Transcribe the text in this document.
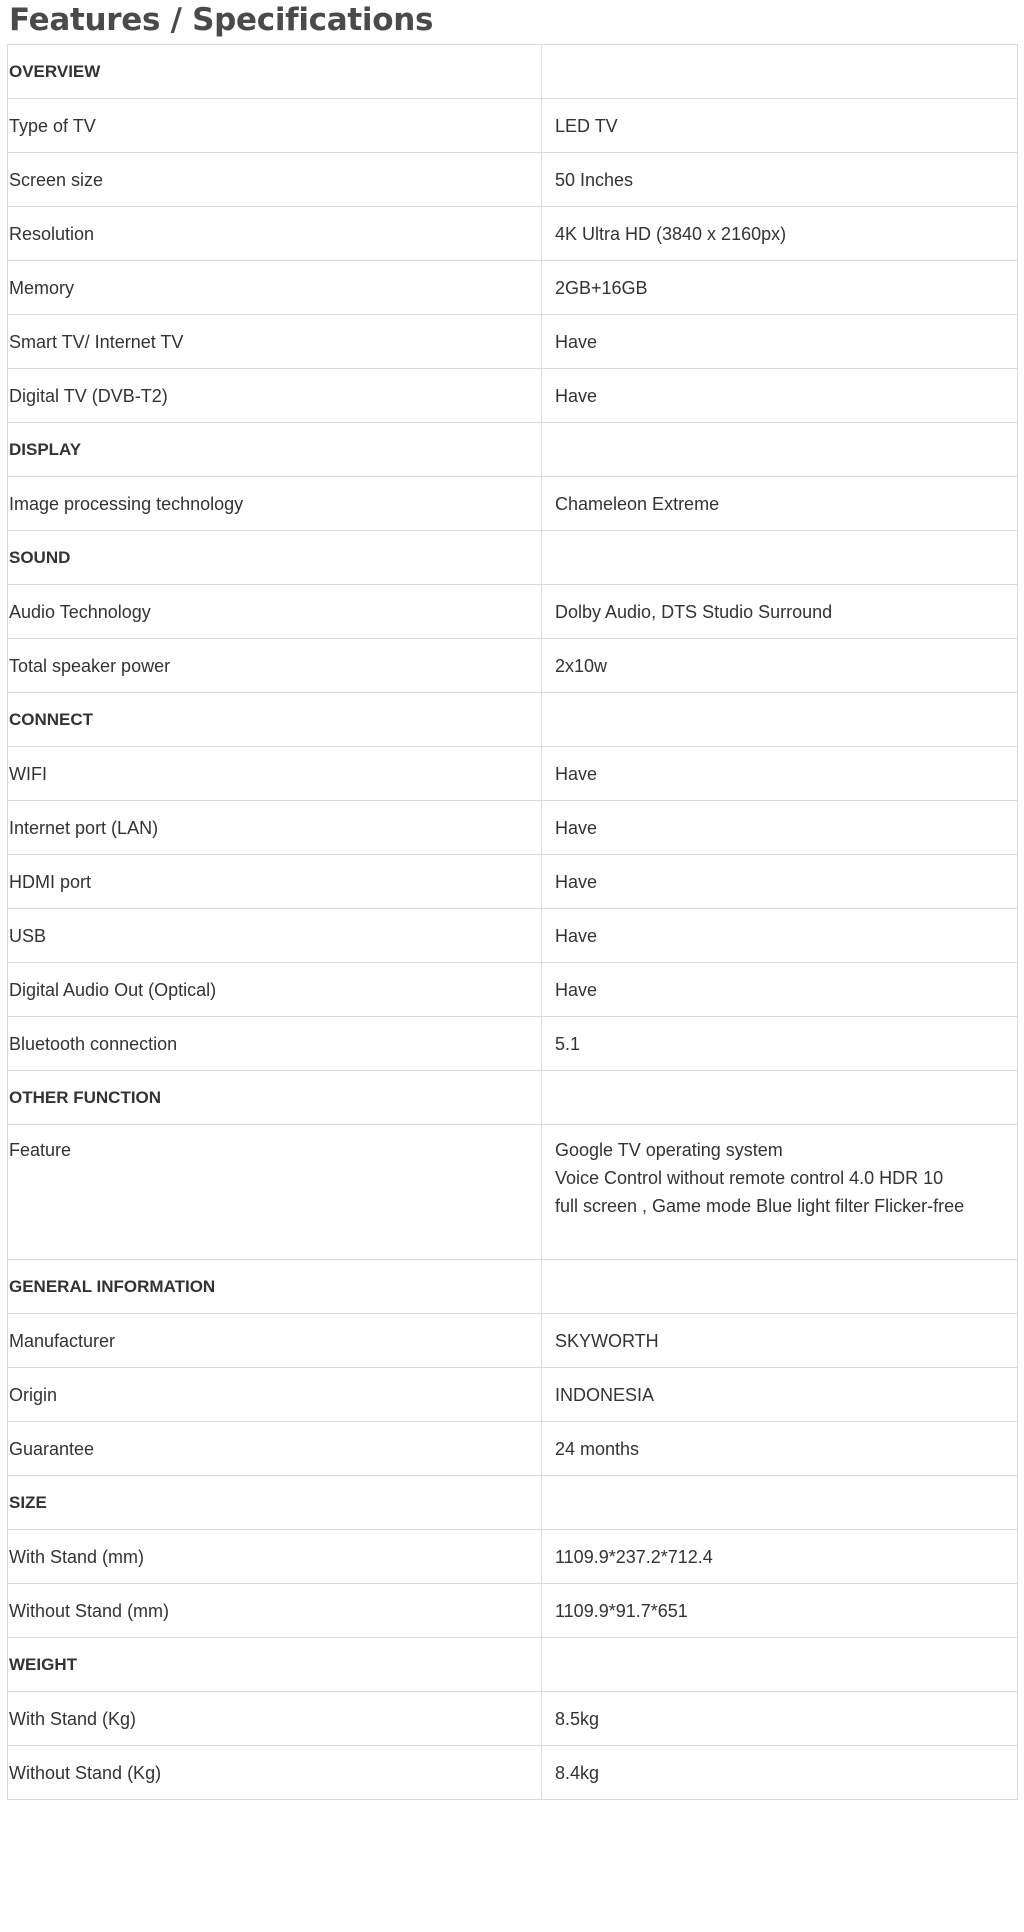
Features / Specifications
OVERVIEW	
Type of TV	LED TV
Screen size	50 Inches
Resolution	4K Ultra HD (3840 x 2160px)
Memory	2GB+16GB
Smart TV/ Internet TV	Have
Digital TV (DVB-T2)	Have
DISPLAY	
Image processing technology	Chameleon Extreme
SOUND	
Audio Technology	Dolby Audio, DTS Studio Surround
Total speaker power	2x10w
CONNECT	
WIFI	Have
Internet port (LAN)	Have
HDMI port	Have
USB	Have
Digital Audio Out (Optical)	Have
Bluetooth connection	5.1
OTHER FUNCTION	
Feature	Google TV operating system
Voice Control without remote control 4.0 HDR 10
full screen , Game mode Blue light filter Flicker-free

GENERAL INFORMATION	
Manufacturer	SKYWORTH
Origin	INDONESIA
Guarantee	24 months
SIZE	
With Stand (mm)	1109.9*237.2*712.4
Without Stand (mm)	1109.9*91.7*651
WEIGHT	
With Stand (Kg)	8.5kg
Without Stand (Kg)	8.4kg
